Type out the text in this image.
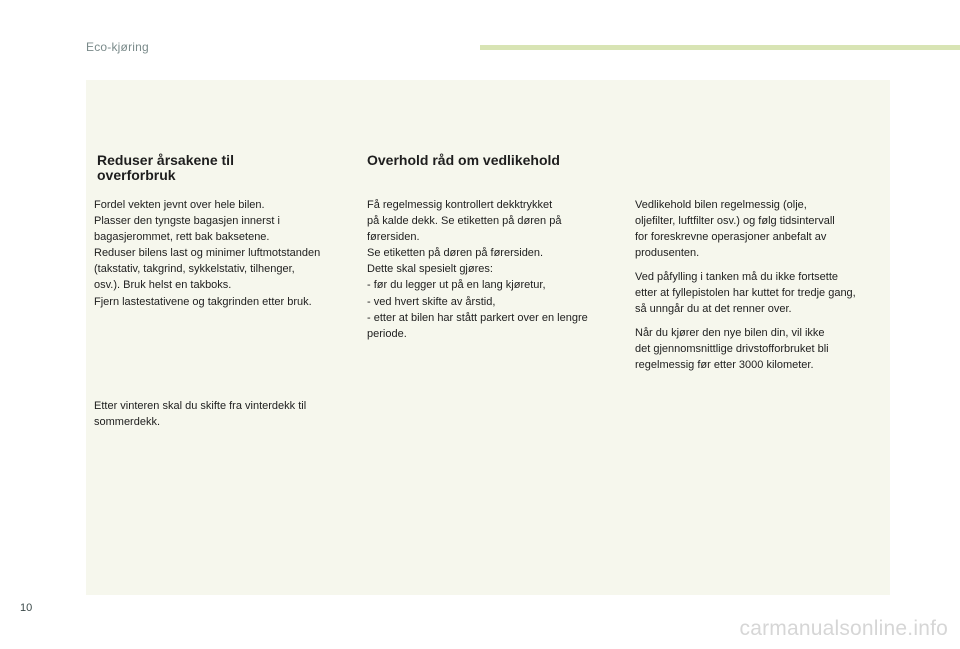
Eco-kjøring
Reduser årsakene til
overforbruk

Fordel vekten jevnt over hele bilen.
Plasser den tyngste bagasjen innerst i
bagasjerommet, rett bak baksetene.
Reduser bilens last og minimer luftmotstanden
(takstativ, takgrind, sykkelstativ, tilhenger,
osv.). Bruk helst en takboks.
Fjern lastestativene og takgrinden etter bruk.

Etter vinteren skal du skifte fra vinterdekk til
sommerdekk.

Overhold råd om vedlikehold

Få regelmessig kontrollert dekktrykket
på kalde dekk. Se etiketten på døren på
førersiden.
Se etiketten på døren på førersiden.
Dette skal spesielt gjøres:
- før du legger ut på en lang kjøretur,
- ved hvert skifte av årstid,
- etter at bilen har stått parkert over en lengre
periode.

Vedlikehold bilen regelmessig (olje,
oljefilter, luftfilter osv.) og følg tidsintervall
for foreskrevne operasjoner anbefalt av
produsenten.

Ved påfylling i tanken må du ikke fortsette
etter at fyllepistolen har kuttet for tredje gang,
så unngår du at det renner over.

Når du kjører den nye bilen din, vil ikke
det gjennomsnittlige drivstofforbruket bli
regelmessig før etter 3000 kilometer.

10
carmanualsonline.info
